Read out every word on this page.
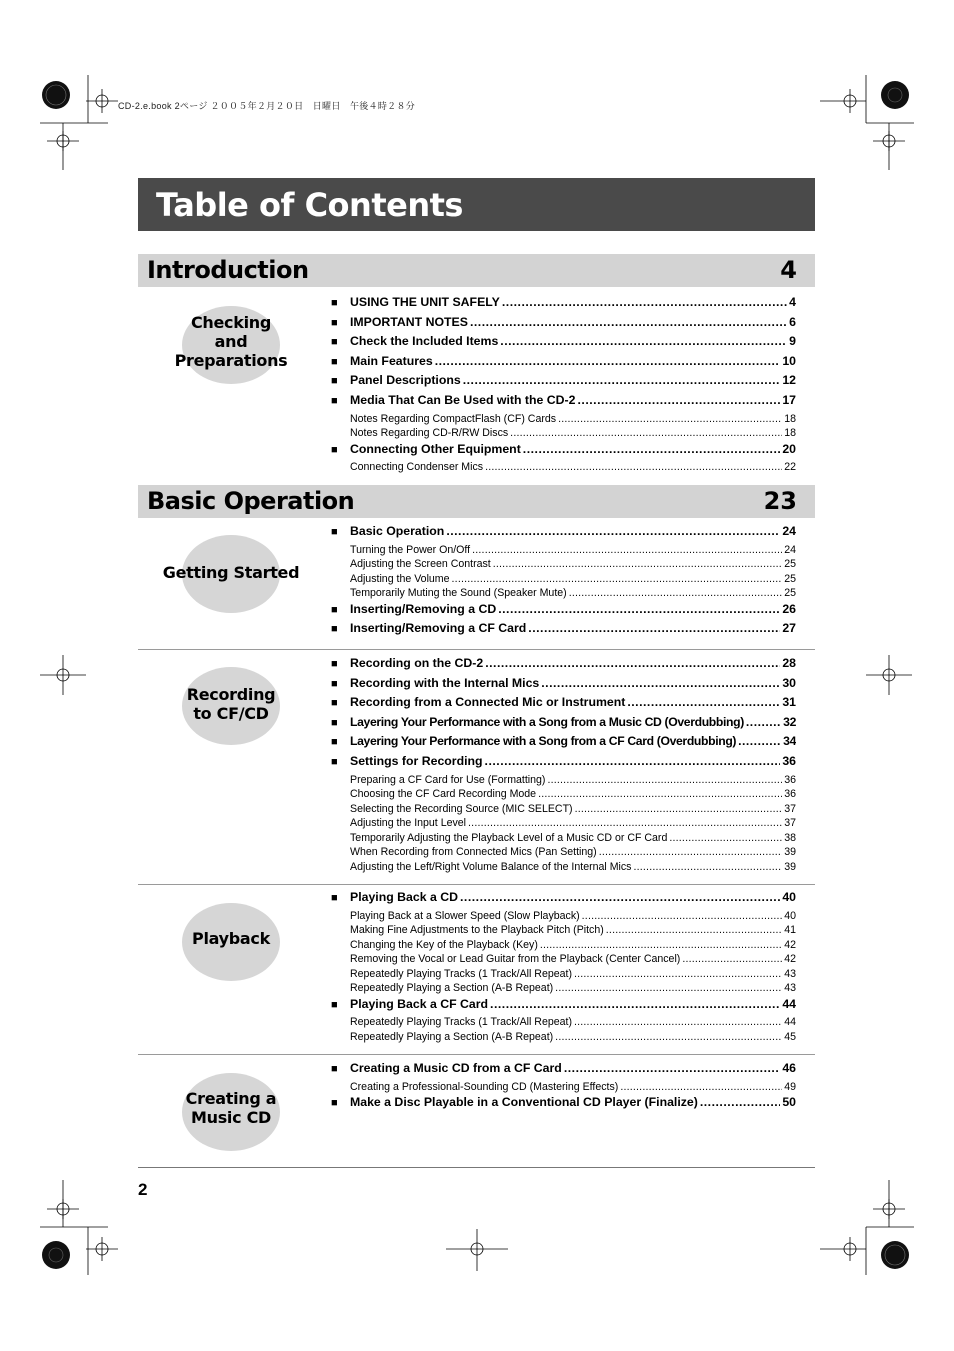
CD-2.e.book 2ページ ２００５年２月２０日　日曜日　午後４時２８分
Table of Contents
Introduction	4
Checking
and
Preparations
■	USING THE UNIT SAFELY .....	4
■	IMPORTANT NOTES .....	6
■	Check the Included Items .....	9
■	Main Features .....	10
■	Panel Descriptions .....	12
■	Media That Can Be Used with the CD-2 .....	17
Notes Regarding CompactFlash (CF) Cards .....	18
Notes Regarding CD-R/RW Discs .....	18
■	Connecting Other Equipment .....	20
Connecting Condenser Mics .....	22
Basic Operation	23
Getting Started
■	Basic Operation .....	24
Turning the Power On/Off .....	24
Adjusting the Screen Contrast .....	25
Adjusting the Volume .....	25
Temporarily Muting the Sound (Speaker Mute) .....	25
■	Inserting/Removing a CD .....	26
■	Inserting/Removing a CF Card .....	27
Recording
to CF/CD
■	Recording on the CD-2 .....	28
■	Recording with the Internal Mics .....	30
■	Recording from a Connected Mic or Instrument .....	31
■	Layering Your Performance with a Song from a Music CD (Overdubbing) .....	32
■	Layering Your Performance with a Song from a CF Card (Overdubbing) .....	34
■	Settings for Recording .....	36
Preparing a CF Card for Use (Formatting) .....	36
Choosing the CF Card Recording Mode .....	36
Selecting the Recording Source (MIC SELECT) .....	37
Adjusting the Input Level .....	37
Temporarily Adjusting the Playback Level of a Music CD or CF Card .....	38
When Recording from Connected Mics (Pan Setting) .....	39
Adjusting the Left/Right Volume Balance of the Internal Mics .....	39
Playback
■	Playing Back a CD .....	40
Playing Back at a Slower Speed (Slow Playback) .....	40
Making Fine Adjustments to the Playback Pitch (Pitch) .....	41
Changing the Key of the Playback (Key) .....	42
Removing the Vocal or Lead Guitar from the Playback (Center Cancel) .....	42
Repeatedly Playing Tracks (1 Track/All Repeat) .....	43
Repeatedly Playing a Section (A-B Repeat) .....	43
■	Playing Back a CF Card .....	44
Repeatedly Playing Tracks (1 Track/All Repeat) .....	44
Repeatedly Playing a Section (A-B Repeat) .....	45
Creating a
Music CD
■	Creating a Music CD from a CF Card .....	46
Creating a Professional-Sounding CD (Mastering Effects) .....	49
■	Make a Disc Playable in a Conventional CD Player (Finalize) .....	50
2
